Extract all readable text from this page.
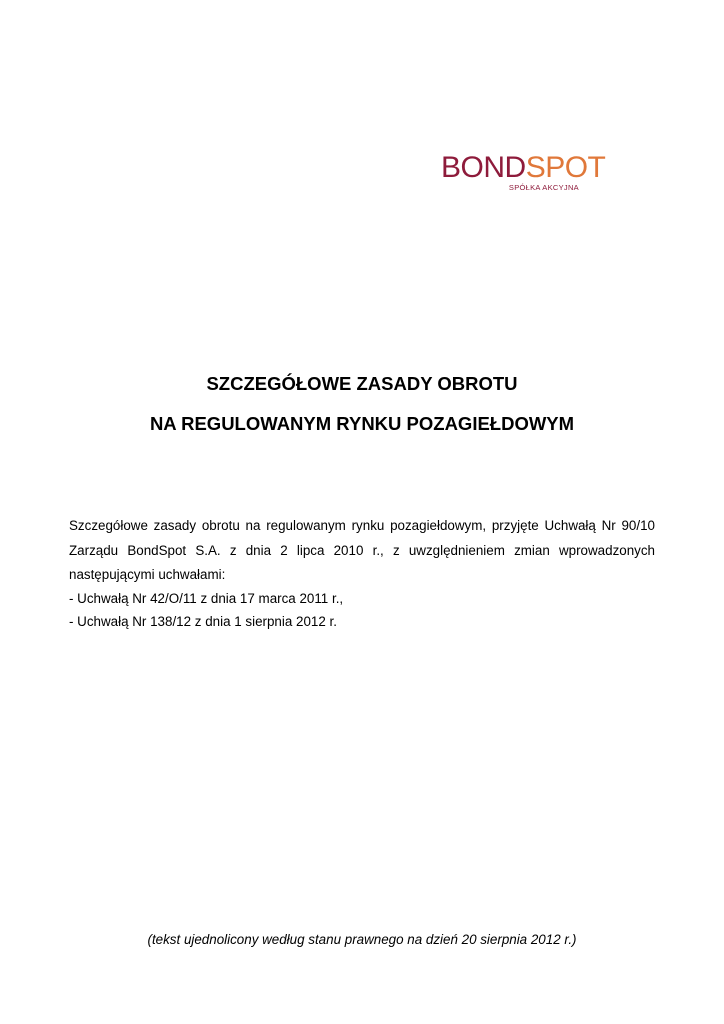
BONDSPOT
SPÓŁKA AKCYJNA
SZCZEGÓŁOWE ZASADY OBROTU
NA REGULOWANYM RYNKU POZAGIEŁDOWYM

Szczegółowe zasady obrotu na regulowanym rynku pozagiełdowym, przyjęte Uchwałą Nr 90/10
Zarządu BondSpot S.A. z dnia 2 lipca 2010 r., z uwzględnieniem zmian wprowadzonych
następującymi uchwałami:

- Uchwałą Nr 42/O/11 z dnia 17 marca 2011 r.,
- Uchwałą Nr 138/12 z dnia 1 sierpnia 2012 r.
(tekst ujednolicony według stanu prawnego na dzień 20 sierpnia 2012 r.)
